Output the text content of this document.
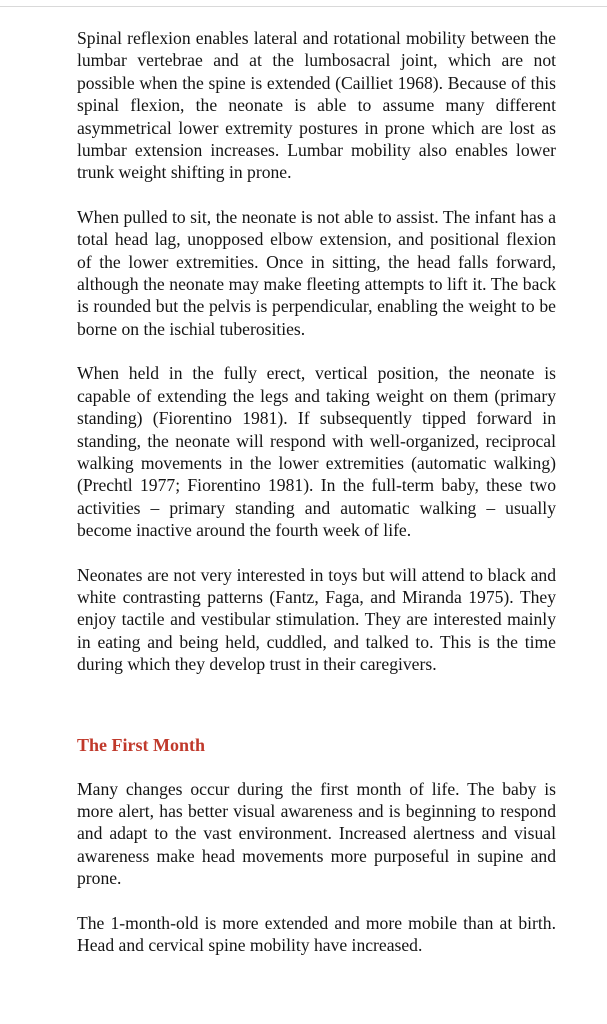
Spinal reflexion enables lateral and rotational mobility between the lumbar vertebrae and at the lumbosacral joint, which are not possible when the spine is extended (Cailliet 1968). Because of this spinal flexion, the neonate is able to assume many different asymmetrical lower extremity postures in prone which are lost as lumbar extension increases. Lumbar mobility also enables lower trunk weight shifting in prone.

When pulled to sit, the neonate is not able to assist. The infant has a total head lag, unopposed elbow extension, and positional flexion of the lower extremities. Once in sitting, the head falls forward, although the neonate may make fleeting attempts to lift it. The back is rounded but the pelvis is perpendicular, enabling the weight to be borne on the ischial tuberosities.

When held in the fully erect, vertical position, the neonate is capable of extending the legs and taking weight on them (primary standing) (Fiorentino 1981). If subsequently tipped forward in standing, the neonate will respond with well-organized, reciprocal walking movements in the lower extremities (automatic walking) (Prechtl 1977; Fiorentino 1981). In the full-term baby, these two activities – primary standing and automatic walking – usually become inactive around the fourth week of life.

Neonates are not very interested in toys but will attend to black and white contrasting patterns (Fantz, Faga, and Miranda 1975). They enjoy tactile and vestibular stimulation. They are interested mainly in eating and being held, cuddled, and talked to. This is the time during which they develop trust in their caregivers.

The First Month

Many changes occur during the first month of life. The baby is more alert, has better visual awareness and is beginning to respond and adapt to the vast environment. Increased alertness and visual awareness make head movements more purposeful in supine and prone.

The 1-month-old is more extended and more mobile than at birth. Head and cervical spine mobility have increased.
